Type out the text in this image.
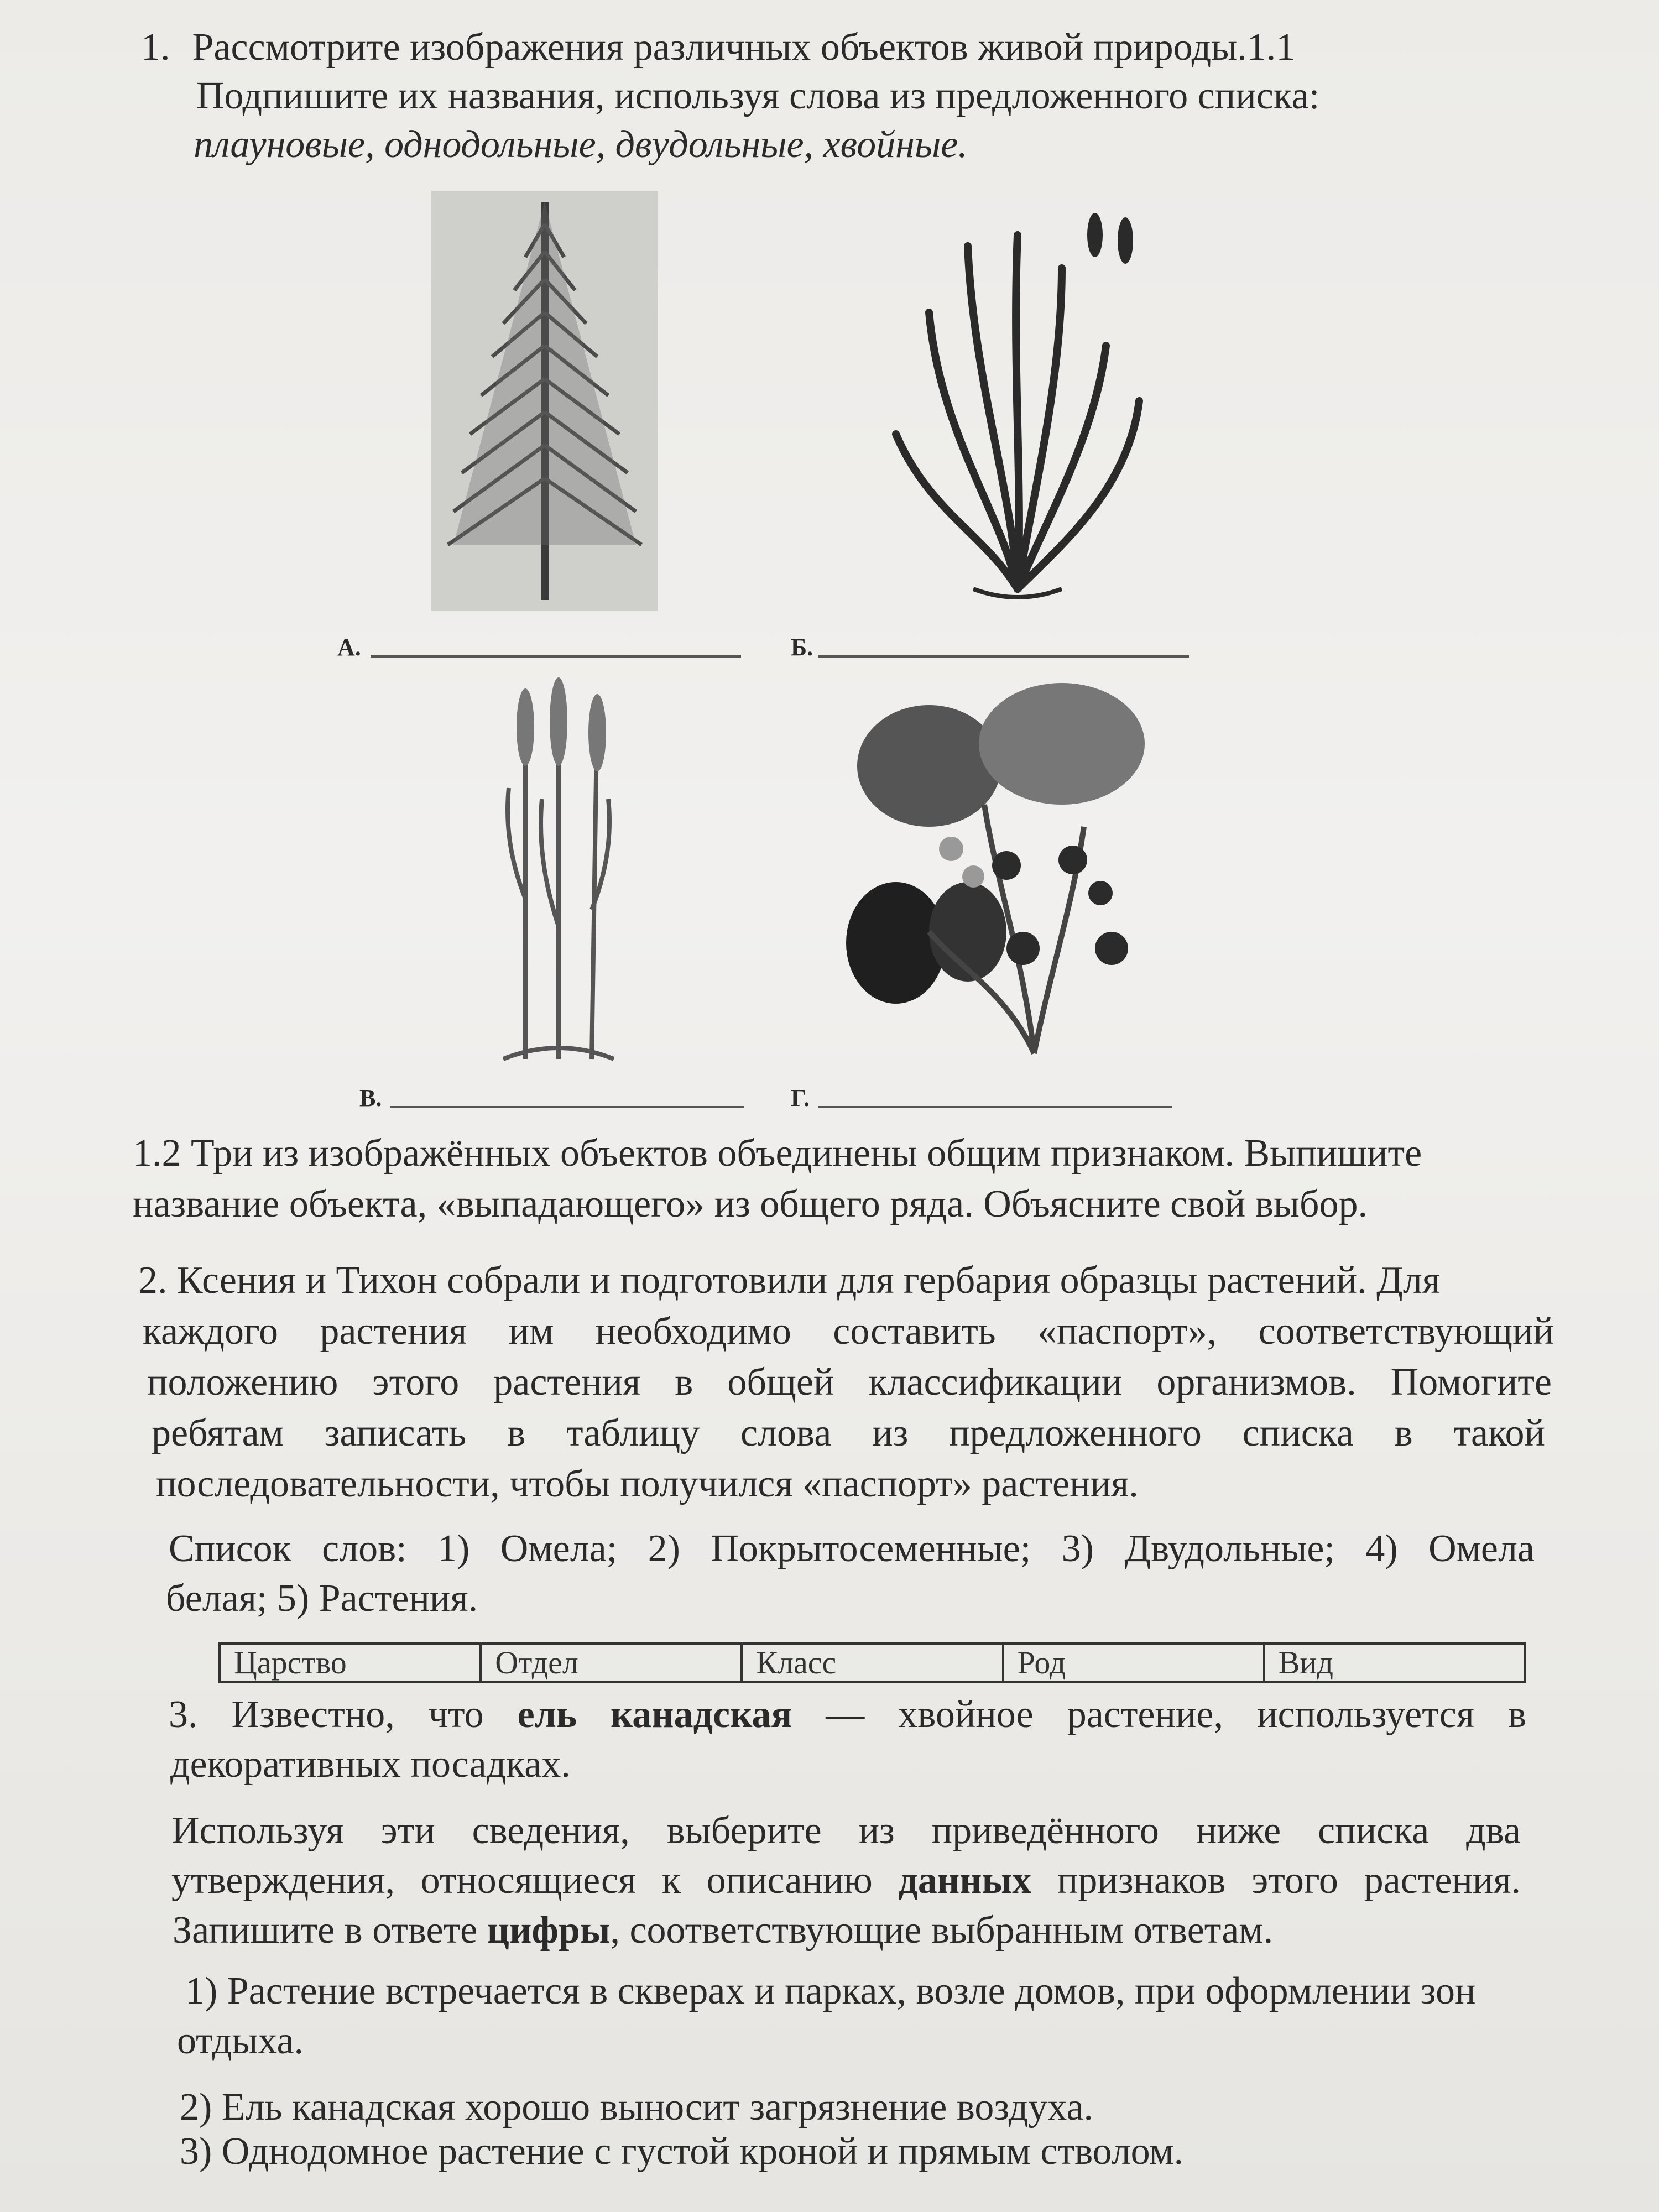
1. Рассмотрите изображения различных объектов живой природы.1.1
Подпишите их названия, используя слова из предложенного списка:
плауновые, однодольные, двудольные, хвойные.
А.	Б.
В.	Г.
1.2 Три из изображённых объектов объединены общим признаком. Выпишите
название объекта, «выпадающего» из общего ряда. Объясните свой выбор.
2. Ксения и Тихон собрали и подготовили для гербария образцы растений. Для
каждого растения им необходимо составить «паспорт», соответствующий
положению этого растения в общей классификации организмов. Помогите
ребятам записать в таблицу слова из предложенного списка в такой
последовательности, чтобы получился «паспорт» растения.
Список слов: 1) Омела; 2) Покрытосеменные; 3) Двудольные; 4) Омела
белая; 5) Растения.
Царство	Отдел	Класс	Род	Вид
3. Известно, что ель канадская — хвойное растение, используется в
декоративных посадках.
Используя эти сведения, выберите из приведённого ниже списка два
утверждения, относящиеся к описанию данных признаков этого растения.
Запишите в ответе цифры, соответствующие выбранным ответам.
1) Растение встречается в скверах и парках, возле домов, при оформлении зон
отдыха.
2) Ель канадская хорошо выносит загрязнение воздуха.
3) Однодомное растение с густой кроной и прямым стволом.
